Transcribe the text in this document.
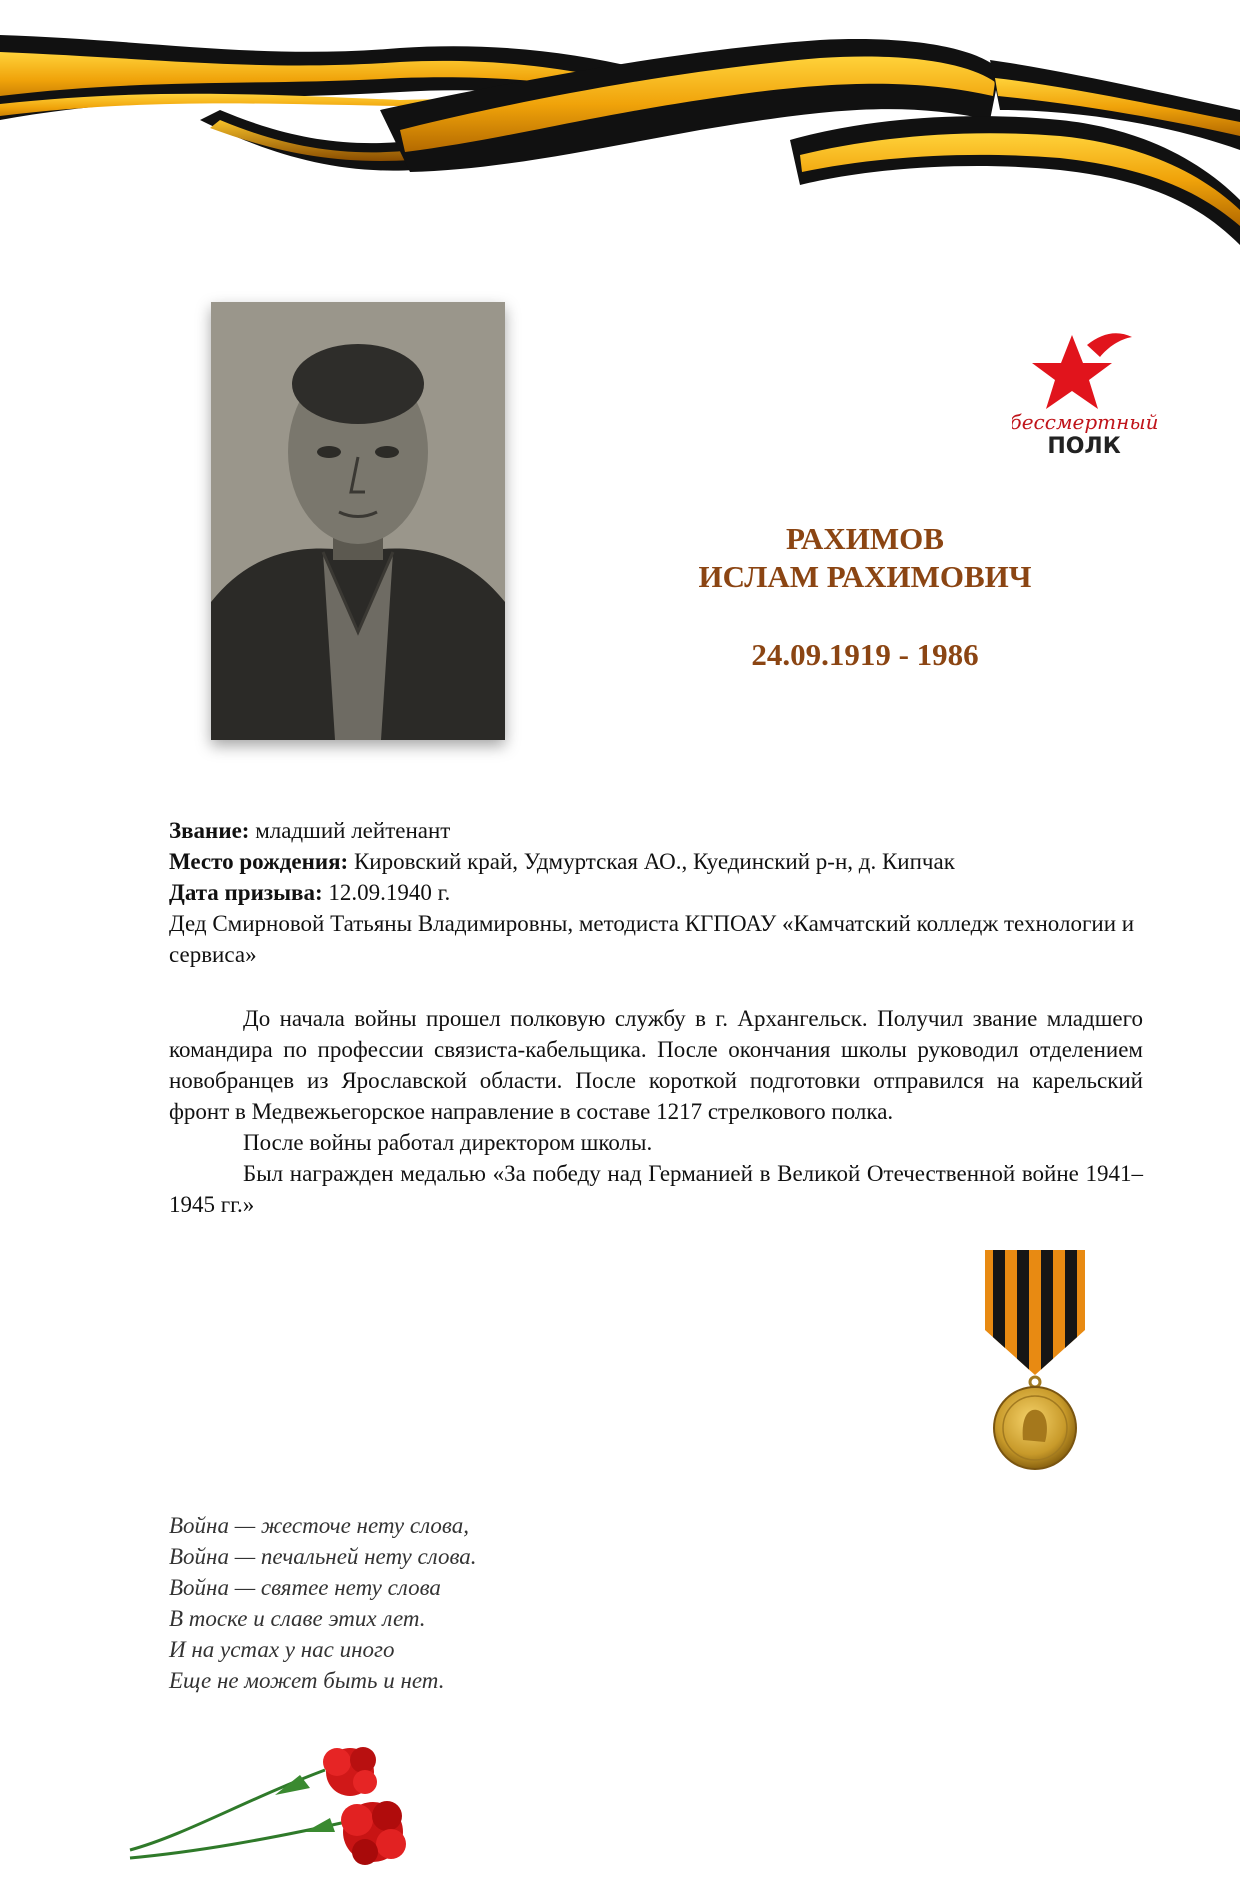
бессмертный
ПОЛК
РАХИМОВ
ИСЛАМ РАХИМОВИЧ
24.09.1919 - 1986
Звание: младший лейтенант
Место рождения: Кировский край, Удмуртская АО., Куединский р-н, д. Кипчак
Дата призыва: 12.09.1940 г.
Дед Смирновой Татьяны Владимировны, методиста КГПОАУ «Камчатский колледж технологии и сервиса»

До начала войны прошел полковую службу в г. Архангельск. Получил звание младшего командира по профессии связиста-кабельщика. После окончания школы руководил отделением новобранцев из Ярославской области. После короткой подготовки отправился на карельский фронт в Медвежьегорское направление в составе 1217 стрелкового полка.

После войны работал директором школы.

Был награжден медалью «За победу над Германией в Великой Отечественной войне 1941–1945 гг.»

Война — жесточе нету слова,
Война — печальней нету слова.
Война — святее нету слова
В тоске и славе этих лет.
И на устах у нас иного
Еще не может быть и нет.
